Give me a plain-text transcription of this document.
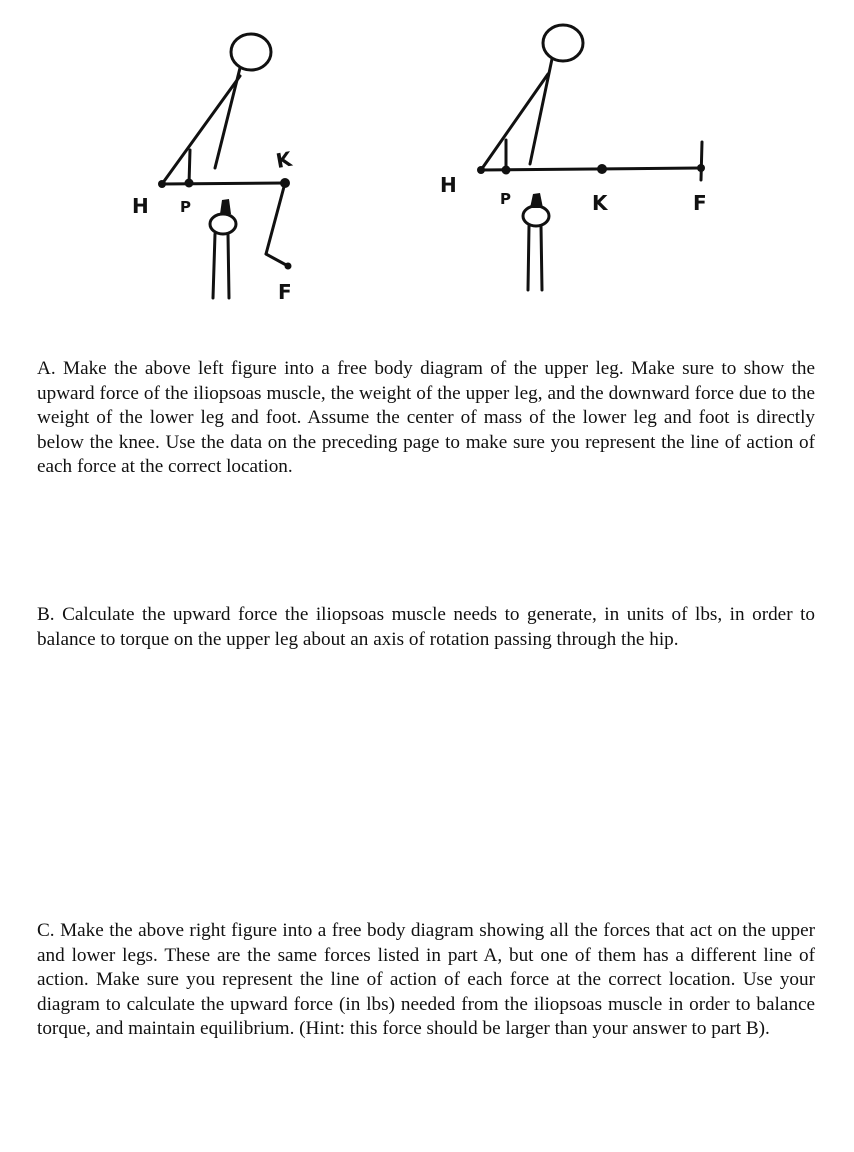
H P
K
F
H
P	K	F

A. Make the above left figure into a free body diagram of the upper leg. Make sure to show the upward force of the iliopsoas muscle, the weight of the upper leg, and the downward force due to the weight of the lower leg and foot. Assume the center of mass of the lower leg and foot is directly below the knee. Use the data on the preceding page to make sure you represent the line of action of each force at the correct location.

B. Calculate the upward force the iliopsoas muscle needs to generate, in units of lbs, in order to balance to torque on the upper leg about an axis of rotation passing through the hip.

C. Make the above right figure into a free body diagram showing all the forces that act on the upper and lower legs. These are the same forces listed in part A, but one of them has a different line of action. Make sure you represent the line of action of each force at the correct location. Use your diagram to calculate the upward force (in lbs) needed from the iliopsoas muscle in order to balance torque, and maintain equilibrium. (Hint: this force should be larger than your answer to part B).
